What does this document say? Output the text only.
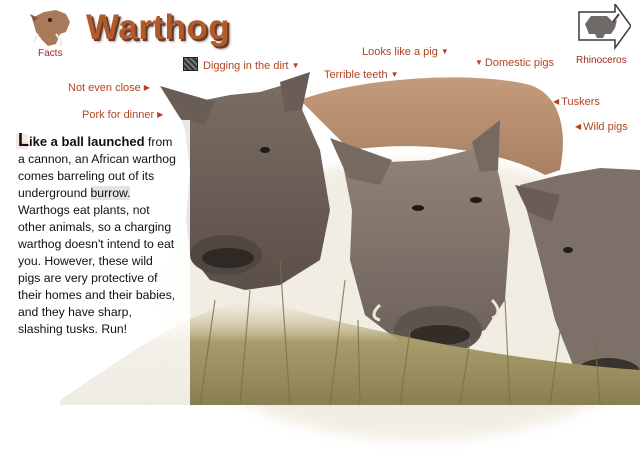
Facts
Warthog
Rhinoceros
Digging in the dirt ▼
Looks like a pig ▼
▼ Domestic pigs
Terrible teeth ▼
Not even close ▶
◀ Tuskers
Pork for dinner ▶
◀ Wild pigs
Like a ball launched from a cannon, an African warthog comes barreling out of its underground burrow. Warthogs eat plants, not other animals, so a charging warthog doesn't intend to eat you. However, these wild pigs are very protective of their homes and their babies, and they have sharp, slashing tusks. Run!
